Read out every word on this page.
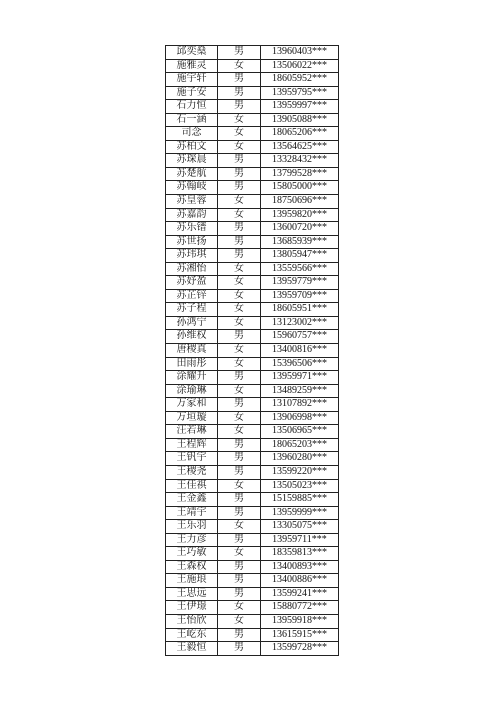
邱奕燊	男	13960403***
施雅灵	女	13506022***
施宇轩	男	18605952***
施子安	男	13959795***
石力恒	男	13959997***
石一涵	女	13905088***
司念	女	18065206***
苏柏文	女	13564625***
苏琛晨	男	13328432***
苏楚航	男	13799528***
苏翰岐	男	15805000***
苏皇蓉	女	18750696***
苏嘉韵	女	13959820***
苏乐镨	男	13600720***
苏世扬	男	13685939***
苏玮琪	男	13805947***
苏湘怡	女	13559566***
苏妤盈	女	13959779***
苏芷锌	女	13959709***
苏子程	女	18605951***
孙鸿宁	女	13123002***
孙维权	男	15960757***
唐稷真	女	13400816***
田雨彤	女	15396506***
涂耀升	男	13959971***
涂瑜琳	女	13489259***
万家和	男	13107892***
万垣璇	女	13906998***
汪若琳	女	13506965***
王程辉	男	18065203***
王钒宇	男	13960280***
王稷尧	男	13599220***
王佳祺	女	13505023***
王金鑫	男	15159885***
王靖宇	男	13959999***
王乐羽	女	13305075***
王力彦	男	13959711***
王巧敏	女	18359813***
王森权	男	13400893***
王施琅	男	13400886***
王思远	男	13599241***
王伊璟	女	15880772***
王怡欣	女	13959918***
王屹东	男	13615915***
王毅恒	男	13599728***
